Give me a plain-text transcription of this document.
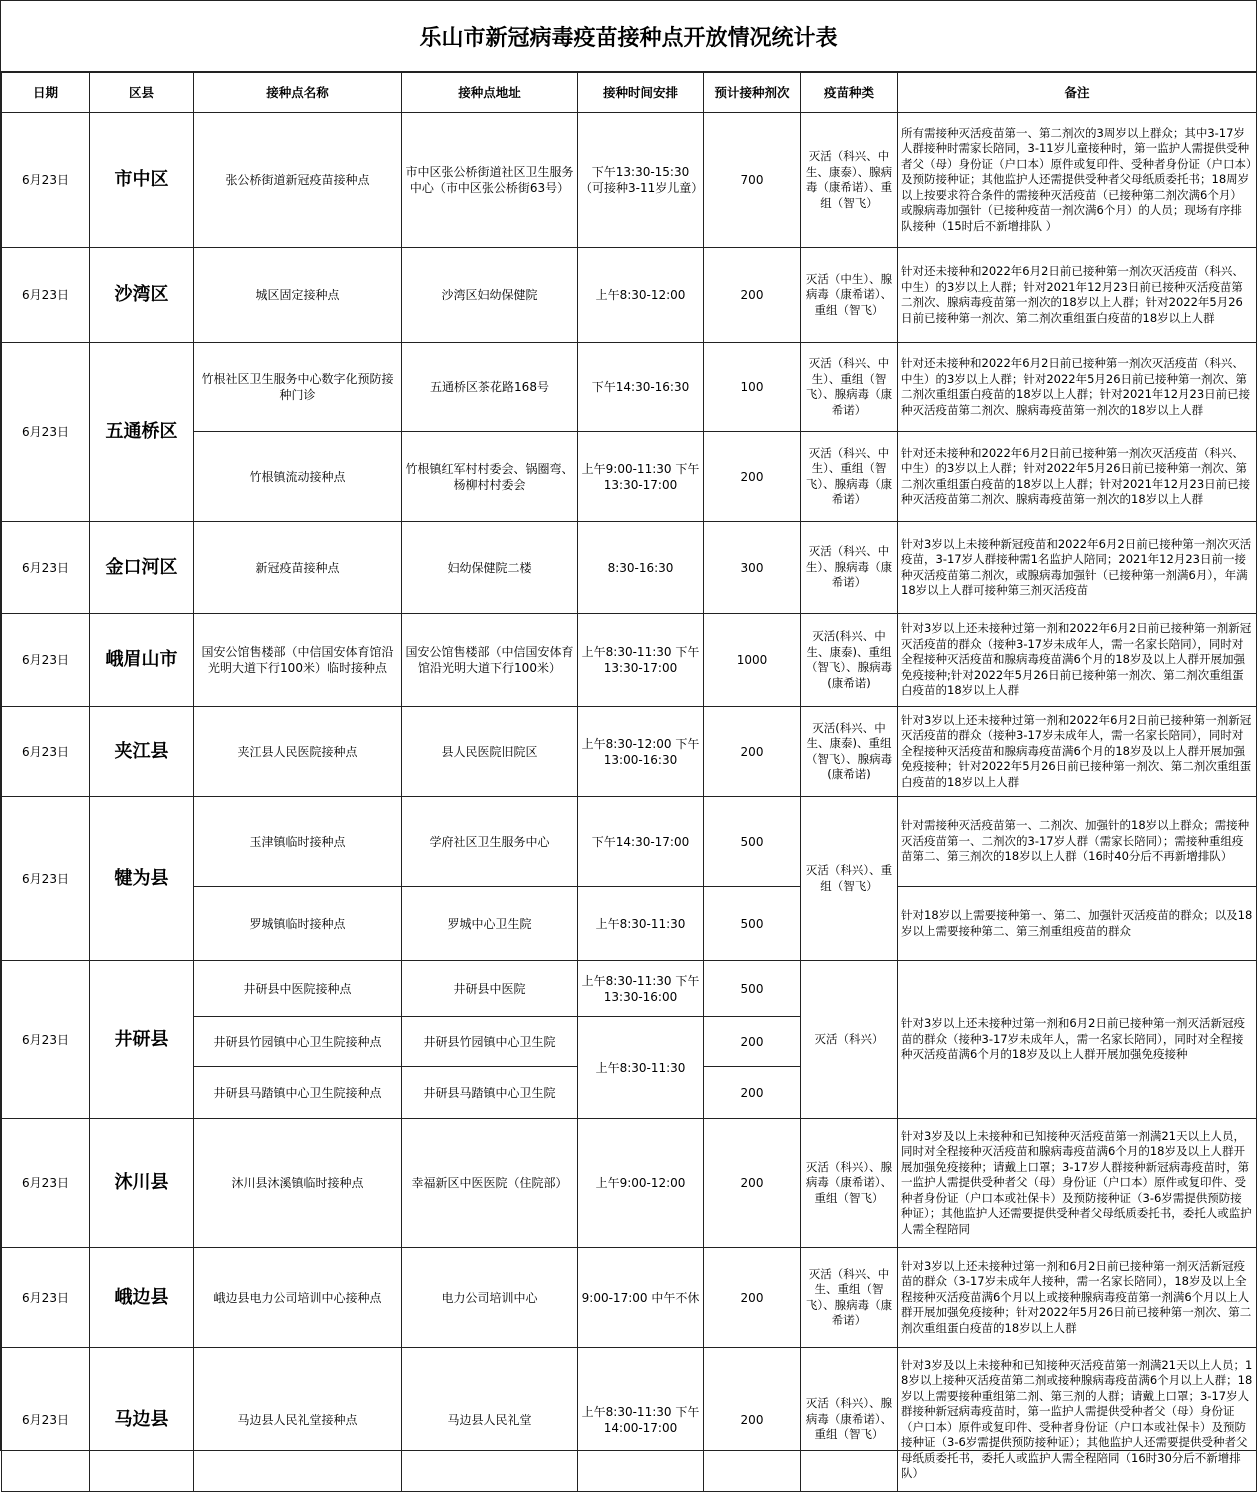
乐山市新冠病毒疫苗接种点开放情况统计表
日期	区县	接种点名称	接种点地址	接种时间安排	预计接种剂次	疫苗种类	备注
6月23日	市中区	张公桥街道新冠疫苗接种点	市中区张公桥街道社区卫生服务中心（市中区张公桥街63号）	下午13:30-15:30（可接种3-11岁儿童）	700	灭活（科兴、中生、康泰）、腺病毒（康希诺）、重组（智飞）	所有需接种灭活疫苗第一、第二剂次的3周岁以上群众；其中3-17岁人群接种时需家长陪同，3-11岁儿童接种时，第一监护人需提供受种者父（母）身份证（户口本）原件或复印件、受种者身份证（户口本）及预防接种证；其他监护人还需提供受种者父母纸质委托书；18周岁以上按要求符合条件的需接种灭活疫苗（已接种第二剂次满6个月）或腺病毒加强针（已接种疫苗一剂次满6个月）的人员；现场有序排队接种（15时后不新增排队 ）
6月23日	沙湾区	城区固定接种点	沙湾区妇幼保健院	上午8:30-12:00	200	灭活（中生）、腺病毒（康希诺）、重组（智飞）	针对还未接种和2022年6月2日前已接种第一剂次灭活疫苗（科兴、中生）的3岁以上人群；针对2021年12月23日前已接种灭活疫苗第二剂次、腺病毒疫苗第一剂次的18岁以上人群；针对2022年5月26日前已接种第一剂次、第二剂次重组蛋白疫苗的18岁以上人群
6月23日	五通桥区	竹根社区卫生服务中心数字化预防接种门诊	五通桥区茶花路168号	下午14:30-16:30	100	灭活（科兴、中生）、重组（智飞）、腺病毒（康希诺）	针对还未接种和2022年6月2日前已接种第一剂次灭活疫苗（科兴、中生）的3岁以上人群；针对2022年5月26日前已接种第一剂次、第二剂次重组蛋白疫苗的18岁以上人群；针对2021年12月23日前已接种灭活疫苗第二剂次、腺病毒疫苗第一剂次的18岁以上人群
		竹根镇流动接种点	竹根镇红军村村委会、锅圈弯、杨柳村村委会	上午9:00-11:30 下午13:30-17:00	200	灭活（科兴、中生）、重组（智飞）、腺病毒（康希诺）	针对还未接种和2022年6月2日前已接种第一剂次灭活疫苗（科兴、中生）的3岁以上人群；针对2022年5月26日前已接种第一剂次、第二剂次重组蛋白疫苗的18岁以上人群；针对2021年12月23日前已接种灭活疫苗第二剂次、腺病毒疫苗第一剂次的18岁以上人群
6月23日	金口河区	新冠疫苗接种点	妇幼保健院二楼	8:30-16:30	300	灭活（科兴、中生）、腺病毒（康希诺）	针对3岁以上未接种新冠疫苗和2022年6月2日前已接种第一剂次灭活疫苗，3-17岁人群接种需1名监护人陪同；2021年12月23日前一接种灭活疫苗第二剂次，或腺病毒加强针（已接种第一剂满6月），年满18岁以上人群可接种第三剂灭活疫苗
6月23日	峨眉山市	国安公馆售楼部（中信国安体育馆沿光明大道下行100米）临时接种点	国安公馆售楼部（中信国安体育馆沿光明大道下行100米）	上午8:30-11:30 下午13:30-17:00	1000	灭活(科兴、中生、康泰)、重组（智飞）、腺病毒(康希诺)	针对3岁以上还未接种过第一剂和2022年6月2日前已接种第一剂新冠灭活疫苗的群众（接种3-17岁未成年人，需一名家长陪同），同时对全程接种灭活疫苗和腺病毒疫苗满6个月的18岁及以上人群开展加强免疫接种;针对2022年5月26日前已接种第一剂次、第二剂次重组蛋白疫苗的18岁以上人群
6月23日	夹江县	夹江县人民医院接种点	县人民医院旧院区	上午8:30-12:00 下午13:00-16:30	200	灭活(科兴、中生、康泰)、重组（智飞）、腺病毒(康希诺)	针对3岁以上还未接种过第一剂和2022年6月2日前已接种第一剂新冠灭活疫苗的群众（接种3-17岁未成年人，需一名家长陪同），同时对全程接种灭活疫苗和腺病毒疫苗满6个月的18岁及以上人群开展加强免疫接种；针对2022年5月26日前已接种第一剂次、第二剂次重组蛋白疫苗的18岁以上人群
6月23日	犍为县	玉津镇临时接种点	学府社区卫生服务中心	下午14:30-17:00	500	灭活（科兴）、重组（智飞）	针对需接种灭活疫苗第一、二剂次、加强针的18岁以上群众；需接种灭活疫苗第一、二剂次的3-17岁人群（需家长陪同）；需接种重组疫苗第二、第三剂次的18岁以上人群（16时40分后不再新增排队）
		罗城镇临时接种点	罗城中心卫生院	上午8:30-11:30	500		针对18岁以上需要接种第一、第二、加强针灭活疫苗的群众；以及18岁以上需要接种第二、第三剂重组疫苗的群众
6月23日	井研县	井研县中医院接种点	井研县中医院	上午8:30-11:30 下午13:30-16:00	500	灭活（科兴）	针对3岁以上还未接种过第一剂和6月2日前已接种第一剂灭活新冠疫苗的群众（接种3-17岁未成年人，需一名家长陪同），同时对全程接种灭活疫苗满6个月的18岁及以上人群开展加强免疫接种
		井研县竹园镇中心卫生院接种点	井研县竹园镇中心卫生院	上午8:30-11:30	200		
		井研县马踏镇中心卫生院接种点	井研县马踏镇中心卫生院		200		
6月23日	沐川县	沐川县沐溪镇临时接种点	幸福新区中医医院（住院部）	上午9:00-12:00	200	灭活（科兴）、腺病毒（康希诺）、重组（智飞）	针对3岁及以上未接种和已知接种灭活疫苗第一剂满21天以上人员，同时对全程接种灭活疫苗和腺病毒疫苗满6个月的18岁及以上人群开展加强免疫接种；请戴上口罩；3-17岁人群接种新冠病毒疫苗时，第一监护人需提供受种者父（母）身份证（户口本）原件或复印件、受种者身份证（户口本或社保卡）及预防接种证（3-6岁需提供预防接种证）；其他监护人还需要提供受种者父母纸质委托书，委托人或监护人需全程陪同
6月23日	峨边县	峨边县电力公司培训中心接种点	电力公司培训中心	9:00-17:00 中午不休	200	灭活（科兴、中生、重组（智飞）、腺病毒（康希诺）	针对3岁以上还未接种过第一剂和6月2日前已接种第一剂灭活新冠疫苗的群众（3-17岁未成年人接种，需一名家长陪同），18岁及以上全程接种灭活疫苗满6个月以上或接种腺病毒疫苗第一剂满6个月以上人群开展加强免疫接种；针对2022年5月26日前已接种第一剂次、第二剂次重组蛋白疫苗的18岁以上人群
6月23日	马边县	马边县人民礼堂接种点	马边县人民礼堂	上午8:30-11:30 下午14:00-17:00	200	灭活（科兴）、腺病毒（康希诺）、重组（智飞）	针对3岁及以上未接种和已知接种灭活疫苗第一剂满21天以上人员；18岁以上接种灭活疫苗第二剂或接种腺病毒疫苗满6个月以上人群；18岁以上需要接种重组第二剂、第三剂的人群；请戴上口罩；3-17岁人群接种新冠病毒疫苗时，第一监护人需提供受种者父（母）身份证（户口本）原件或复印件、受种者身份证（户口本或社保卡）及预防接种证（3-6岁需提供预防接种证）；其他监护人还需要提供受种者父母纸质委托书，委托人或监护人需全程陪同（16时30分后不新增排队）
